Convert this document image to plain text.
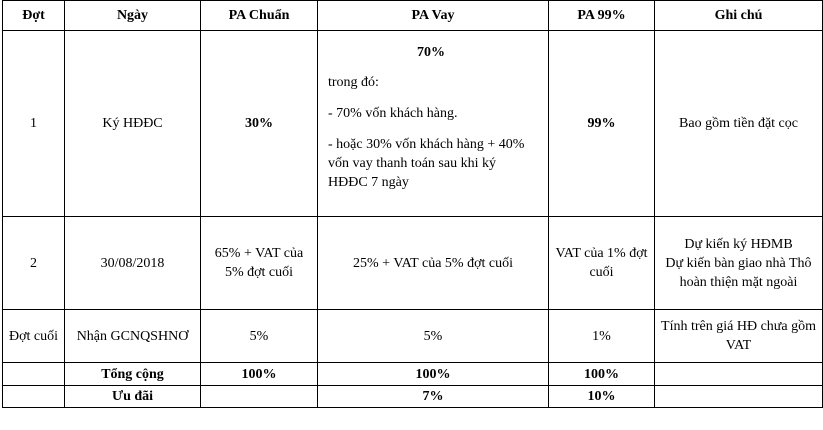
Đợt	Ngày	PA Chuẩn	PA Vay	PA 99%	Ghi chú
1	Ký HĐĐC	30%	70%
trong đó:
- 70% vốn khách hàng.
- hoặc 30% vốn khách hàng + 40% vốn vay thanh toán sau khi ký HĐĐC 7 ngày	99%	Bao gồm tiền đặt cọc
2	30/08/2018	65% + VAT của 5% đợt cuối	25% + VAT của 5% đợt cuối	VAT của 1% đợt cuối	Dự kiến ký HĐMB
Dự kiến bàn giao nhà Thô hoàn thiện mặt ngoài

Đợt cuối	Nhận GCNQSHNƠ	5%	5%	1%	Tính trên giá HĐ chưa gồm VAT
	Tổng cộng	100%	100%	100%	
	Ưu đãi		7%	10%	
